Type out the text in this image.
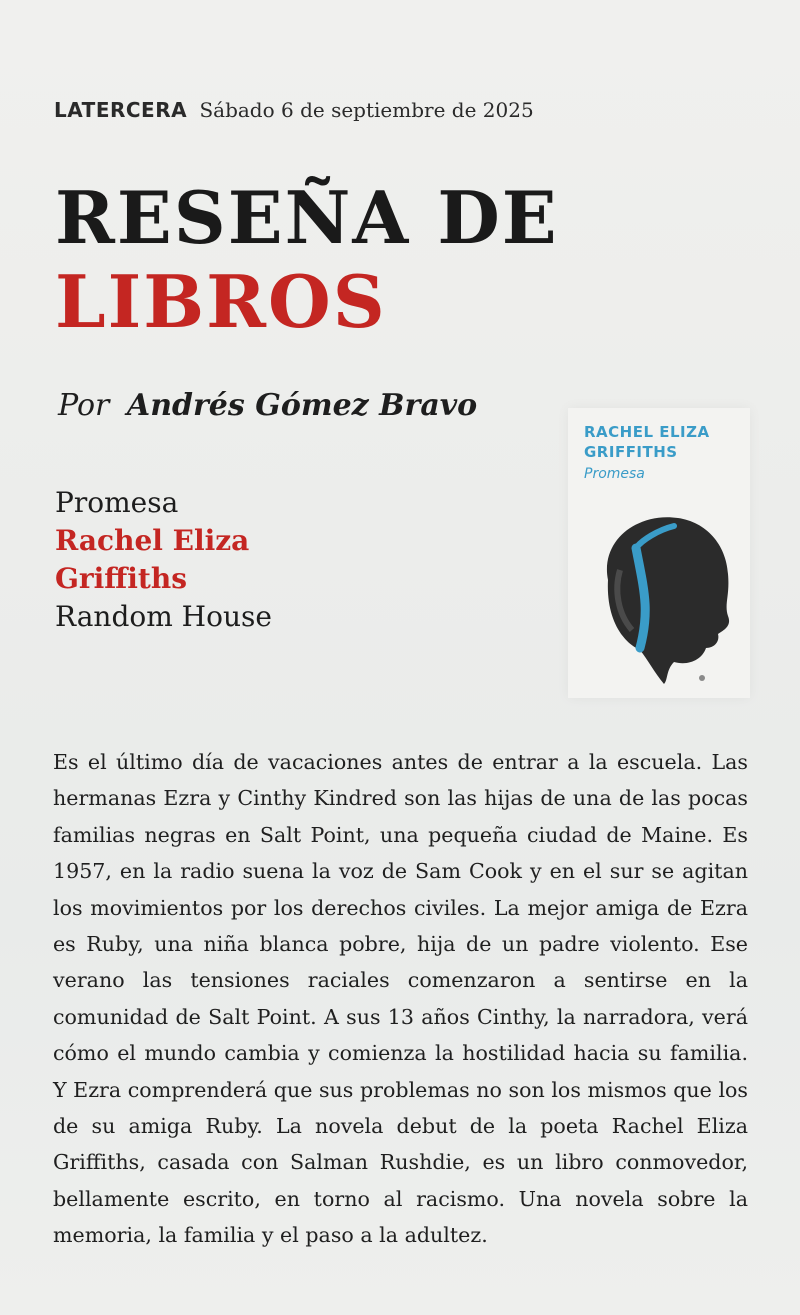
LATERCERA Sábado 6 de septiembre de 2025
RESEÑA DE
LIBROS
Por Andrés Gómez Bravo
Promesa
Rachel Eliza
Griffiths
Random House
RACHEL ELIZA GRIFFITHS
Promesa

Es el último día de vacaciones antes de entrar a la escuela. Las hermanas Ezra y Cinthy Kindred son las hijas de una de las pocas familias negras en Salt Point, una pequeña ciudad de Maine. Es 1957, en la radio suena la voz de Sam Cook y en el sur se agitan los movimientos por los derechos civiles. La mejor amiga de Ezra es Ruby, una niña blanca pobre, hija de un padre violento. Ese verano las tensiones raciales comenzaron a sentirse en la comunidad de Salt Point. A sus 13 años Cinthy, la narradora, verá cómo el mundo cambia y comienza la hostilidad hacia su familia. Y Ezra comprenderá que sus problemas no son los mismos que los de su amiga Ruby. La novela debut de la poeta Rachel Eliza Griffiths, casada con Salman Rushdie, es un libro conmovedor, bellamente escrito, en torno al racismo. Una novela sobre la memoria, la familia y el paso a la adultez.
